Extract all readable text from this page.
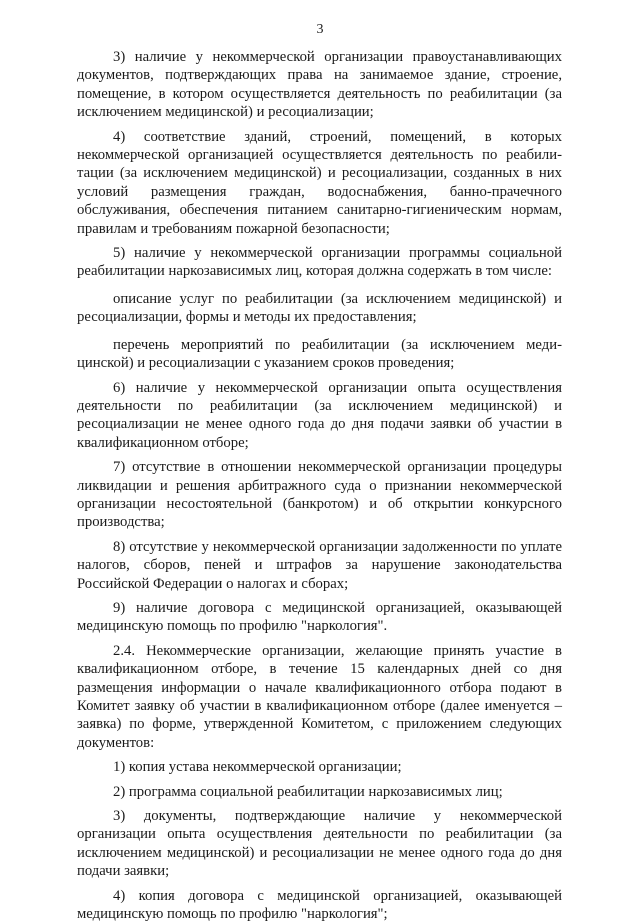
3

3) наличие у некоммерческой организации правоустанавливающих документов, подтверждающих права на занимаемое здание, строение, помещение, в котором осуществляется деятельность по реабилитации (за исключением медицинской) и ресоциализации;

4) соответствие зданий, строений, помещений, в которых некоммерческой организацией осуществляется деятельность по реабилитации (за исключением медицинской) и ресоциализации, созданных в них условий размещения граждан, водоснабжения, банно-прачечного обслуживания, обеспечения питанием санитарно-гигиеническим нормам, правилам и требованиям пожарной безопасности;

5) наличие у некоммерческой организации программы социальной реабилитации наркозависимых лиц, которая должна содержать в том числе:

описание услуг по реабилитации (за исключением медицинской) и ресоциализации, формы и методы их предоставления;

перечень мероприятий по реабилитации (за исключением медицинской) и ресоциализации с указанием сроков проведения;

6) наличие у некоммерческой организации опыта осуществления деятельности по реабилитации (за исключением медицинской) и ресоциализации не менее одного года до дня подачи заявки об участии в квалификационном отборе;

7) отсутствие в отношении некоммерческой организации процедуры ликвидации и решения арбитражного суда о признании некоммерческой организации несостоятельной (банкротом) и об открытии конкурсного производства;

8) отсутствие у некоммерческой организации задолженности по уплате налогов, сборов, пеней и штрафов за нарушение законодательства Российской Федерации о налогах и сборах;

9) наличие договора с медицинской организацией, оказывающей медицинскую помощь по профилю "наркология".

2.4. Некоммерческие организации, желающие принять участие в квалификационном отборе, в течение 15 календарных дней со дня размещения информации о начале квалификационного отбора подают в Комитет заявку об участии в квалификационном отборе (далее именуется – заявка) по форме, утвержденной Комитетом, с приложением следующих документов:

1) копия устава некоммерческой организации;

2) программа социальной реабилитации наркозависимых лиц;

3) документы, подтверждающие наличие у некоммерческой организации опыта осуществления деятельности по реабилитации (за исключением медицинской) и ресоциализации не менее одного года до дня подачи заявки;

4) копия договора с медицинской организацией, оказывающей медицинскую помощь по профилю "наркология";
